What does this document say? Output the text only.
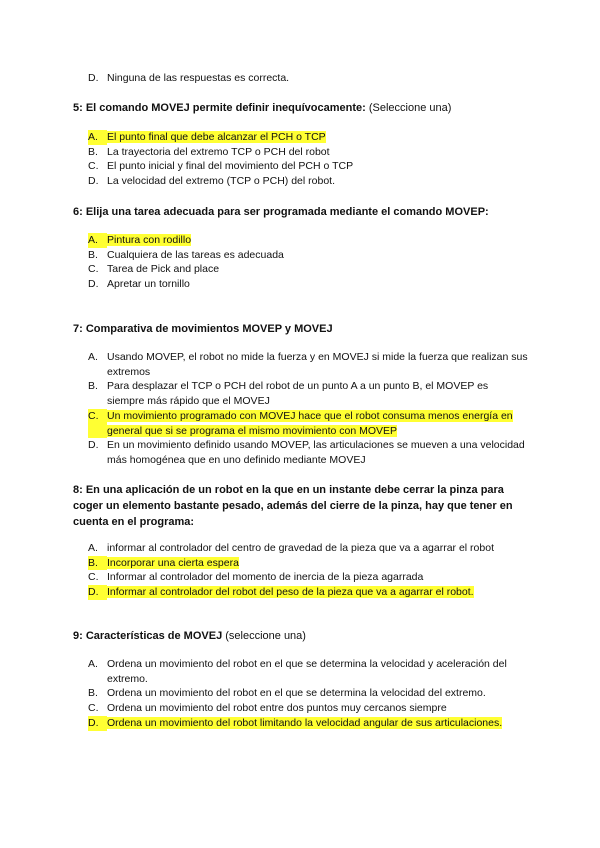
D. Ninguna de las respuestas es correcta.
5: El comando MOVEJ permite definir inequívocamente: (Seleccione una)
A. El punto final que debe alcanzar el PCH o TCP
B. La trayectoria del extremo TCP o PCH del robot
C. El punto inicial y final del movimiento del PCH o TCP
D. La velocidad del extremo (TCP o PCH) del robot.
6: Elija una tarea adecuada para ser programada mediante el comando MOVEP:
A. Pintura con rodillo
B. Cualquiera de las tareas es adecuada
C. Tarea de Pick and place
D. Apretar un tornillo
7: Comparativa de movimientos MOVEP y MOVEJ
A. Usando MOVEP, el robot no mide la fuerza y en MOVEJ si mide la fuerza que realizan sus extremos
B. Para desplazar el TCP o PCH del robot de un punto A a un punto B, el MOVEP es siempre más rápido que el MOVEJ
C. Un movimiento programado con MOVEJ hace que el robot consuma menos energía en general que si se programa el mismo movimiento con MOVEP
D. En un movimiento definido usando MOVEP, las articulaciones se mueven a una velocidad más homogénea que en uno definido mediante MOVEJ
8: En una aplicación de un robot en la que en un instante debe cerrar la pinza para coger un elemento bastante pesado, además del cierre de la pinza, hay que tener en cuenta en el programa:
A. informar al controlador del centro de gravedad de la pieza que va a agarrar el robot
B. Incorporar una cierta espera
C. Informar al controlador del momento de inercia de la pieza agarrada
D. Informar al controlador del robot del peso de la pieza que va a agarrar el robot.
9: Características de MOVEJ (seleccione una)
A. Ordena un movimiento del robot en el que se determina la velocidad y aceleración del extremo.
B. Ordena un movimiento del robot en el que se determina la velocidad del extremo.
C. Ordena un movimiento del robot entre dos puntos muy cercanos siempre
D. Ordena un movimiento del robot limitando la velocidad angular de sus articulaciones.
